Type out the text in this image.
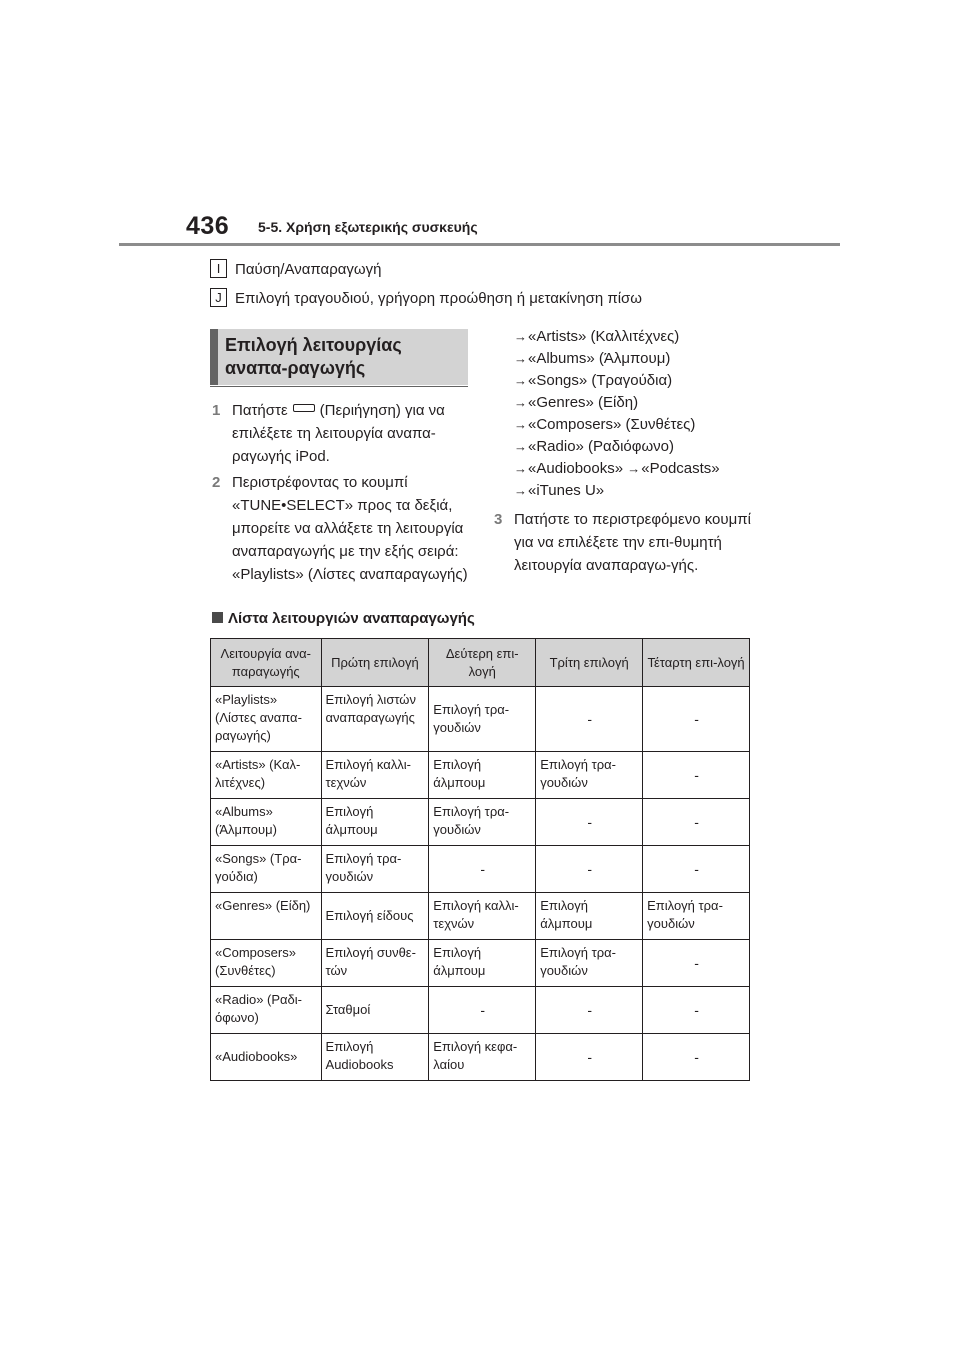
436 5-5. Χρήση εξωτερικής συσκευής
I Παύση/Αναπαραγωγή
J Επιλογή τραγουδιού, γρήγορη προώθηση ή μετακίνηση πίσω
Επιλογή λειτουργίας αναπα-ραγωγής
1 Πατήστε (Περιήγηση) για να επιλέξετε τη λειτουργία αναπα-ραγωγής iPod.
2 Περιστρέφοντας το κουμπί «TUNE•SELECT» προς τα δεξιά, μπορείτε να αλλάξετε τη λειτουργία αναπαραγωγής με την εξής σειρά: «Playlists» (Λίστες αναπαραγωγής)
→«Artists» (Καλλιτέχνες)
→«Albums» (Άλμπουμ)
→«Songs» (Τραγούδια)
→«Genres» (Είδη)
→«Composers» (Συνθέτες)
→«Radio» (Ραδιόφωνο)
→«Audiobooks» →«Podcasts»
→«iTunes U»
3 Πατήστε το περιστρεφόμενο κουμπί για να επιλέξετε την επι-θυμητή λειτουργία αναπαραγω-γής.
Λίστα λειτουργιών αναπαραγωγής
Λειτουργία ανα-παραγωγής	Πρώτη επιλογή	Δεύτερη επι-λογή	Τρίτη επιλογή	Τέταρτη επι-λογή
«Playlists» (Λίστες αναπα-ραγωγής)	Επιλογή λιστών αναπαραγωγής	Επιλογή τρα-γουδιών	-	-
«Artists» (Καλ-λιτέχνες)	Επιλογή καλλι-τεχνών	Επιλογή άλμπουμ	Επιλογή τρα-γουδιών	-
«Albums» (Άλμπουμ)	Επιλογή άλμπουμ	Επιλογή τρα-γουδιών	-	-
«Songs» (Τρα-γούδια)	Επιλογή τρα-γουδιών	-	-	-
«Genres» (Είδη)	Επιλογή είδους	Επιλογή καλλι-τεχνών	Επιλογή άλμπουμ	Επιλογή τρα-γουδιών
«Composers» (Συνθέτες)	Επιλογή συνθε-τών	Επιλογή άλμπουμ	Επιλογή τρα-γουδιών	-
«Radio» (Ραδι-όφωνο)	Σταθμοί	-	-	-
«Audiobooks»	Επιλογή Audiobooks	Επιλογή κεφα-λαίου	-	-
